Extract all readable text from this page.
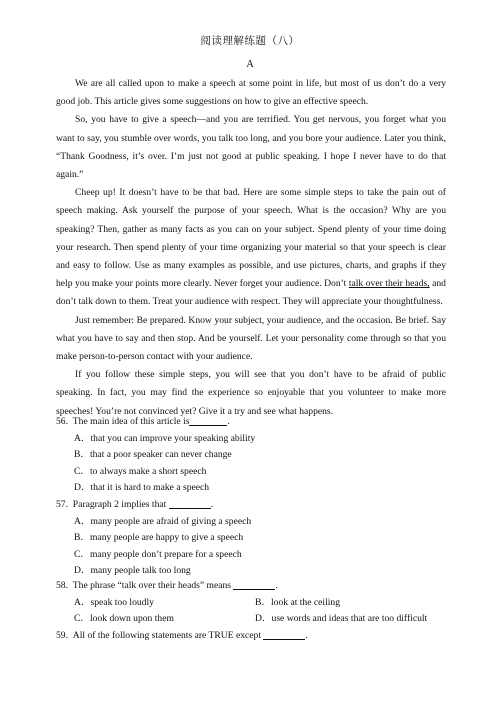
阅读理解练题（八）
A

We are all called upon to make a speech at some point in life, but most of us don’t do a very good job. This article gives some suggestions on how to give an effective speech.

So, you have to give a speech—and you are terrified. You get nervous, you forget what you want to say, you stumble over words, you talk too long, and you bore your audience. Later you think, “Thank Goodness, it’s over. I’m just not good at public speaking. I hope I never have to do that again.”

Cheep up! It doesn’t have to be that bad. Here are some simple steps to take the pain out of speech making. Ask yourself the purpose of your speech. What is the occasion? Why are you speaking? Then, gather as many facts as you can on your subject. Spend plenty of your time doing your research. Then spend plenty of your time organizing your material so that your speech is clear and easy to follow. Use as many examples as possible, and use pictures, charts, and graphs if they help you make your points more clearly. Never forget your audience. Don’t talk over their heads, and don’t talk down to them. Treat your audience with respect. They will appreciate your thoughtfulness.

Just remember: Be prepared. Know your subject, your audience, and the occasion. Be brief. Say what you have to say and then stop. And be yourself. Let your personality come through so that you make person-to-person contact with your audience.

If you follow these simple steps, you will see that you don’t have to be afraid of public speaking. In fact, you may find the experience so enjoyable that you volunteer to make more speeches! You’re not convinced yet? Give it a try and see what happens.

56. The main idea of this article is	.
A．that you can improve your speaking ability
B．that a poor speaker can never change
C．to always make a short speech
D．that it is hard to make a speech
57. Paragraph 2 implies that	.
A．many people are afraid of giving a speech
B．many people are happy to give a speech
C．many people don’t prepare for a speech
D．many people talk too long
58. The phrase “talk over their heads” means	.
A．speak too loudly	B．look at the ceiling
C．look down upon them	D．use words and ideas that are too difficult
59. All of the following statements are TRUE except	.
